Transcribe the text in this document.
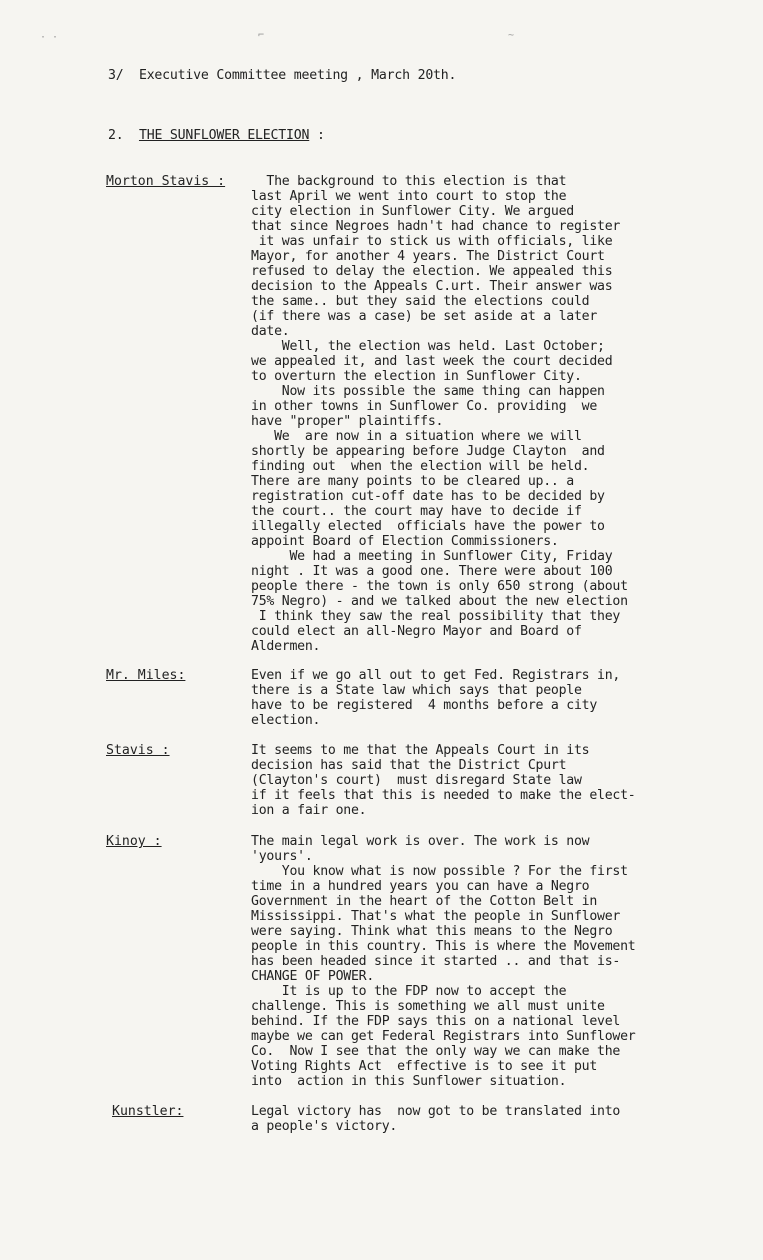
3/  Executive Committee meeting , March 20th.
2. THE SUNFLOWER ELECTION :
Morton Stavis : The background to this election is that
last April we went into court to stop the
city election in Sunflower City. We argued
that since Negroes hadn't had chance to register
it was unfair to stick us with officials, like
Mayor, for another 4 years. The District Court
refused to delay the election. We appealed this
decision to the Appeals C.urt. Their answer was
the same.. but they said the elections could
(if there was a case) be set aside at a later
date.
Well, the election was held. Last October;
we appealed it, and last week the court decided
to overturn the election in Sunflower City.
Now its possible the same thing can happen
in other towns in Sunflower Co. providing  we
have "proper" plaintiffs.
We  are now in a situation where we will
shortly be appearing before Judge Clayton  and
finding out  when the election will be held.
There are many points to be cleared up.. a
registration cut-off date has to be decided by
the court.. the court may have to decide if
illegally elected  officials have the power to
appoint Board of Election Commissioners.
We had a meeting in Sunflower City, Friday
night . It was a good one. There were about 100
people there - the town is only 650 strong (about
75% Negro) - and we talked about the new election
I think they saw the real possibility that they
could elect an all-Negro Mayor and Board of
Aldermen.
Mr. Miles:	Even if we go all out to get Fed. Registrars in,
there is a State law which says that people
have to be registered  4 months before a city
election.
Stavis :	It seems to me that the Appeals Court in its
decision has said that the District Cpurt
(Clayton's court)  must disregard State law
if it feels that this is needed to make the elect-
ion a fair one.
Kinoy :	The main legal work is over. The work is now
'yours'.
You know what is now possible ? For the first
time in a hundred years you can have a Negro
Government in the heart of the Cotton Belt in
Mississippi. That's what the people in Sunflower
were saying. Think what this means to the Negro
people in this country. This is where the Movement
has been headed since it started .. and that is-
CHANGE OF POWER.
It is up to the FDP now to accept the
challenge. This is something we all must unite
behind. If the FDP says this on a national level
maybe we can get Federal Registrars into Sunflower
Co.  Now I see that the only way we can make the
Voting Rights Act  effective is to see it put
into  action in this Sunflower situation.
Kunstler:	Legal victory has  now got to be translated into
a people's victory.
· ·	⌐	~
